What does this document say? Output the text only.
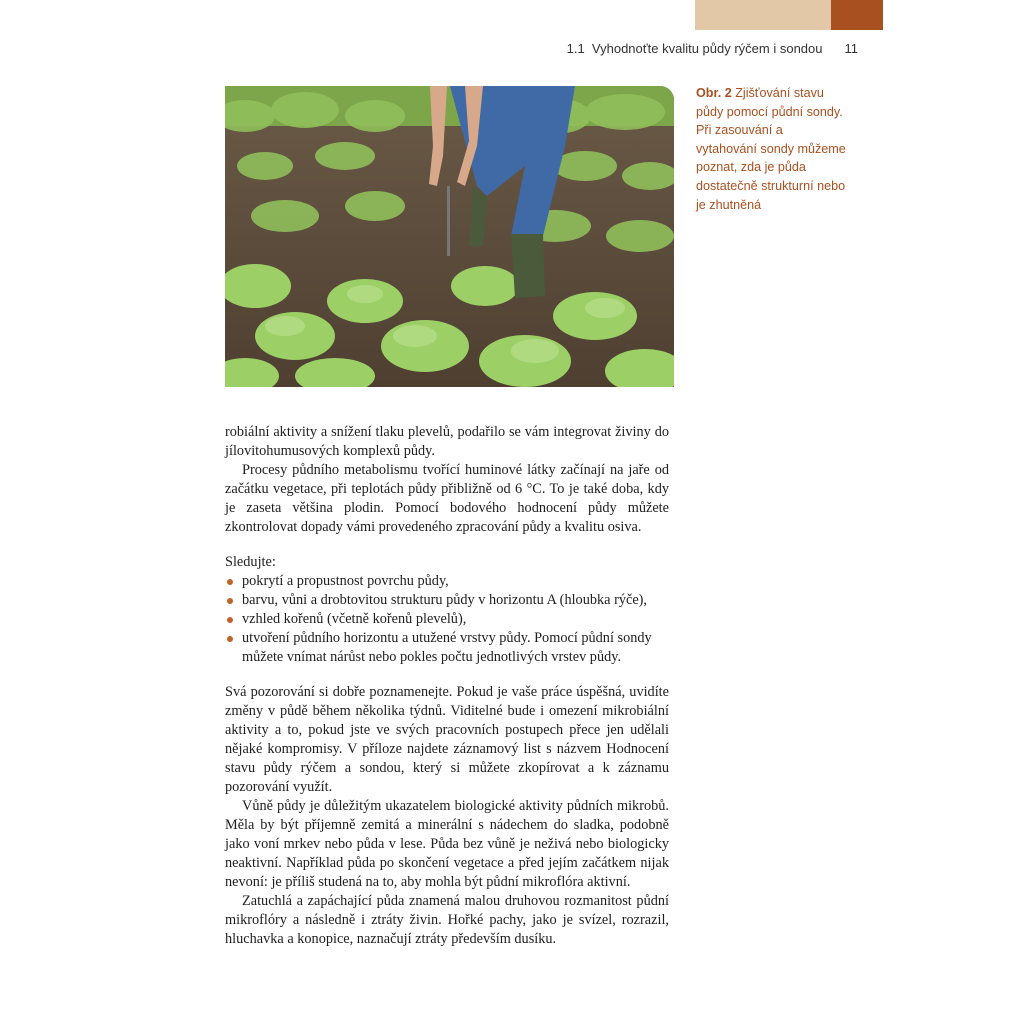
1.1  Vyhodnoťte kvalitu půdy rýčem i sondou 11
Obr. 2 Zjišťování stavu půdy pomocí půdní sondy. Při zasouvání a vytahování sondy můžeme poznat, zda je půda dostatečně strukturní nebo je zhutněná

robiální aktivity a snížení tlaku plevelů, podařilo se vám integrovat živiny do jílovitohumusových komplexů půdy.

Procesy půdního metabolismu tvořící huminové látky začínají na jaře od začátku vegetace, při teplotách půdy přibližně od 6 °C. To je také doba, kdy je zaseta většina plodin. Pomocí bodového hodnocení půdy můžete zkontrolovat dopady vámi provedeného zpracování půdy a kvalitu osiva.

Sledujte:

pokrytí a propustnost povrchu půdy,
barvu, vůni a drobtovitou strukturu půdy v horizontu A (hloubka rýče),
vzhled kořenů (včetně kořenů plevelů),
utvoření půdního horizontu a utužené vrstvy půdy. Pomocí půdní sondy můžete vnímat nárůst nebo pokles počtu jednotlivých vrstev půdy.

Svá pozorování si dobře poznamenejte. Pokud je vaše práce úspěšná, uvidíte změny v půdě během několika týdnů. Viditelné bude i omezení mikrobiální aktivity a to, pokud jste ve svých pracovních postupech přece jen udělali nějaké kompromisy. V příloze najdete záznamový list s názvem Hodnocení stavu půdy rýčem a sondou, který si můžete zkopírovat a k záznamu pozorování využít.

Vůně půdy je důležitým ukazatelem biologické aktivity půdních mikrobů. Měla by být příjemně zemitá a minerální s nádechem do sladka, podobně jako voní mrkev nebo půda v lese. Půda bez vůně je neživá nebo biologicky neaktivní. Například půda po skončení vegetace a před jejím začátkem nijak nevoní: je příliš studená na to, aby mohla být půdní mikroflóra aktivní.

Zatuchlá a zapáchající půda znamená malou druhovou rozmanitost půdní mikroflóry a následně i ztráty živin. Hořké pachy, jako je svízel, rozrazil, hluchavka a konopice, naznačují ztráty především dusíku.
